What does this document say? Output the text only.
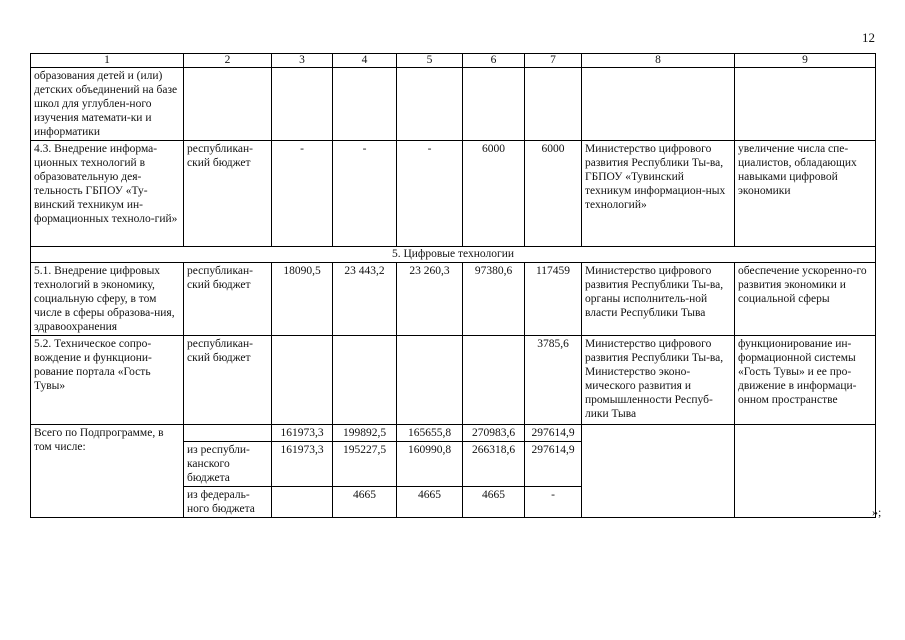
12
1	2	3	4	5	6	7	8	9
образования детей и (или) детских объединений на базе школ для углублен-ного изучения математи-ки и информатики								
4.3. Внедрение информа-ционных технологий в образовательную дея-тельность ГБПОУ «Ту-винский техникум ин-формационных техноло-гий»	республикан-ский бюджет	-	-	-	6000	6000	Министерство цифрового развития Республики Ты-ва, ГБПОУ «Тувинский техникум информацион-ных технологий»	увеличение числа спе-циалистов, обладающих навыками цифровой экономики
5. Цифровые технологии								
5.1. Внедрение цифровых технологий в экономику, социальную сферу, в том числе в сферы образова-ния, здравоохранения	республикан-ский бюджет	18090,5	23 443,2	23 260,3	97380,6	117459	Министерство цифрового развития Республики Ты-ва, органы исполнитель-ной власти Республики Тыва	обеспечение ускоренно-го развития экономики и социальной сферы
5.2. Техническое сопро-вождение и функциони-рование портала «Гость Тувы»	республикан-ский бюджет					3785,6	Министерство цифрового развития Республики Ты-ва, Министерство эконо-мического развития и промышленности Респуб-лики Тыва	функционирование ин-формационной системы «Гость Тувы» и ее про-движение в информаци-онном пространстве
Всего по Подпрограмме, в том числе:		161973,3	199892,5	165655,8	270983,6	297614,9		
	из республи-канского бюджета	161973,3	195227,5	160990,8	266318,6	297614,9		
	из федераль-ного бюджета		4665	4665	4665	-		
»;
